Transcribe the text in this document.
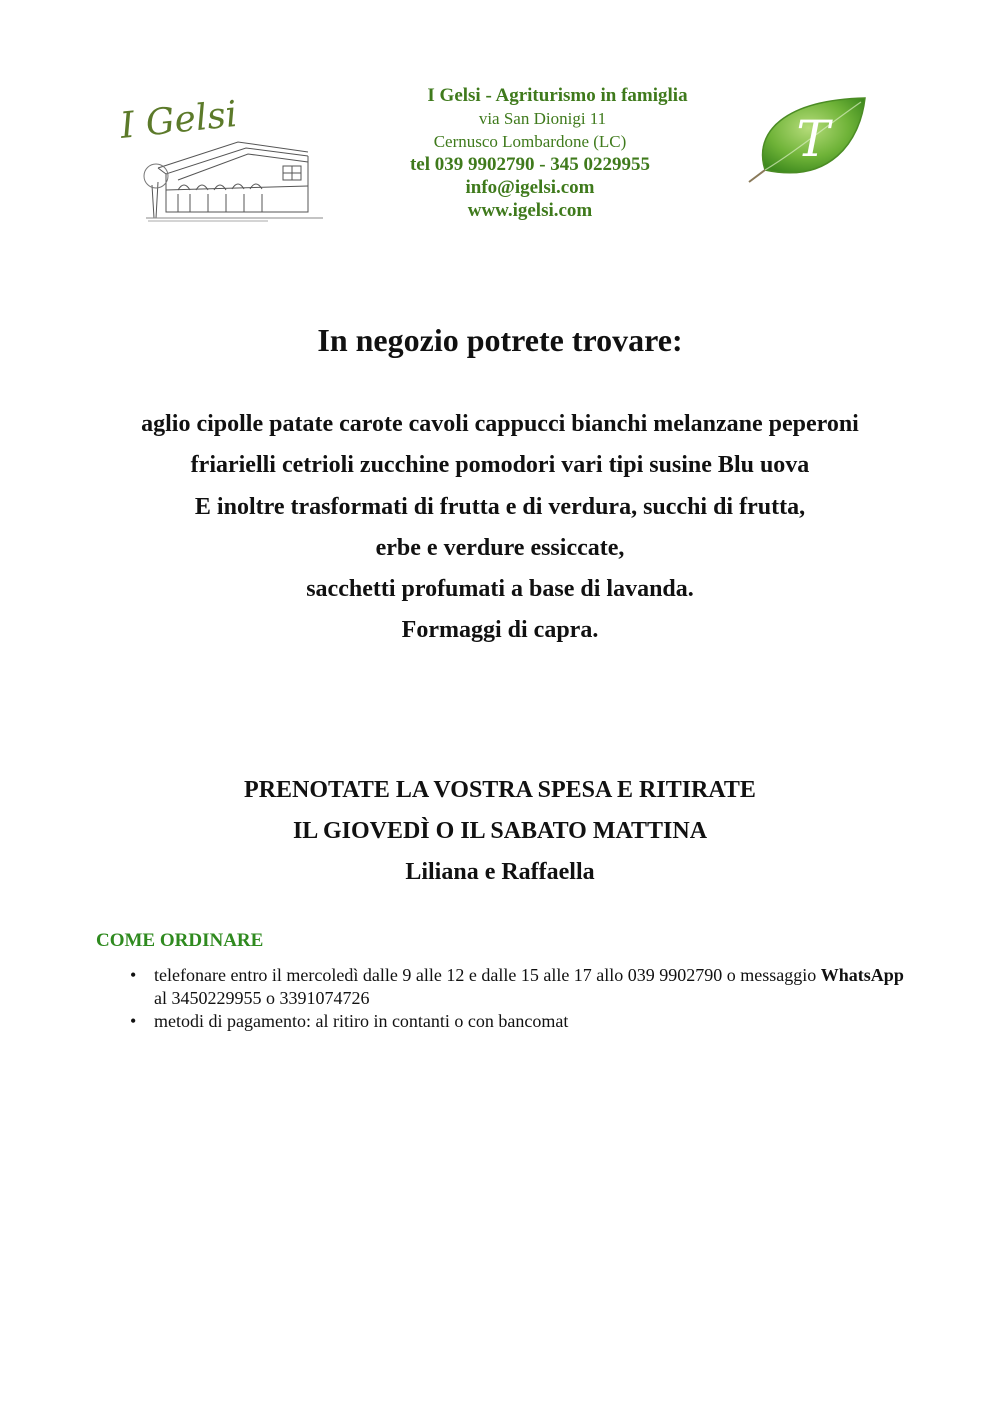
I Gelsi	I Gelsi - Agriturismo in famiglia
via San Dionigi 11
Cernusco Lombardone (LC)
tel 039 9902790 - 345 0229955
info@igelsi.com
www.igelsi.com
T
In negozio potrete trovare:
aglio cipolle patate carote cavoli cappucci bianchi melanzane peperoni
friarielli cetrioli zucchine pomodori vari tipi susine Blu uova
E inoltre trasformati di frutta e di verdura, succhi di frutta,
erbe e verdure essiccate,
sacchetti profumati a base di lavanda.
Formaggi di capra.
PRENOTATE LA VOSTRA SPESA E RITIRATE
IL GIOVEDÌ O IL SABATO MATTINA
Liliana e Raffaella
COME ORDINARE
• telefonare entro il mercoledì dalle 9 alle 12 e dalle 15 alle 17 allo 039 9902790 o messaggio WhatsApp al 3450229955 o 3391074726
• metodi di pagamento: al ritiro in contanti o con bancomat
